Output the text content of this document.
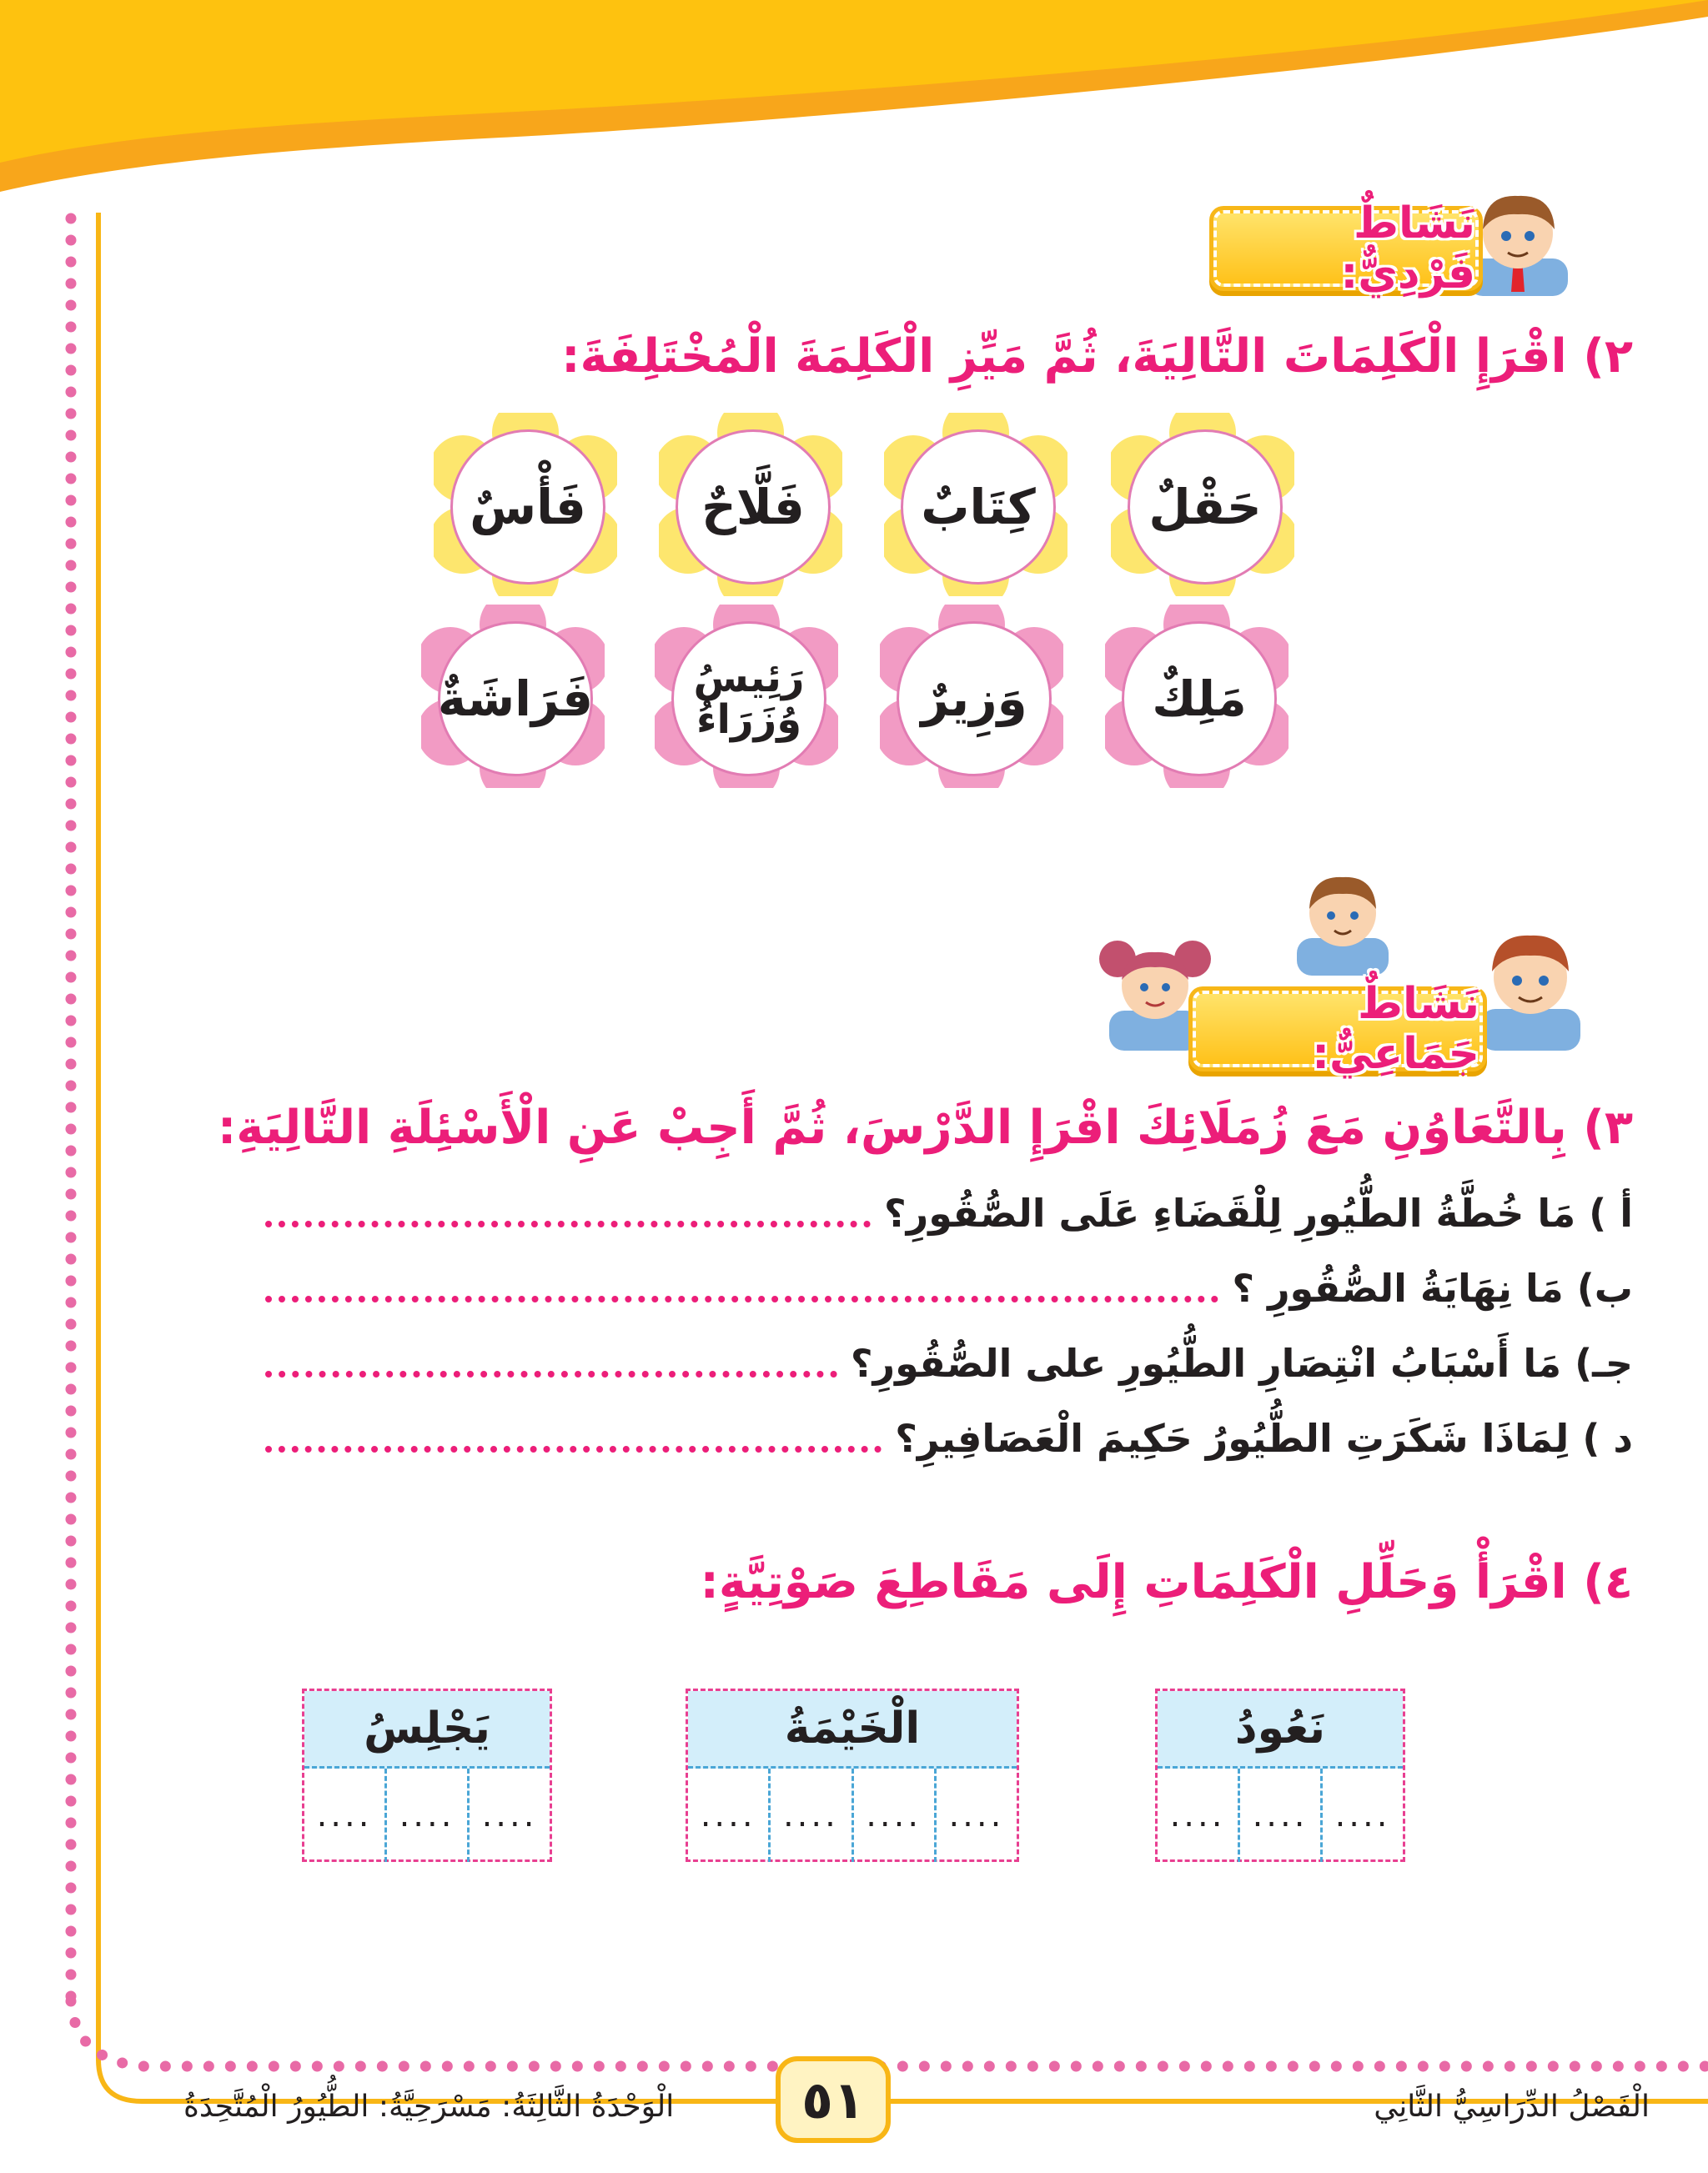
نَشَاطٌ فَرْدِيٌّ:
٢) اقْرَإِ الْكَلِمَاتَ التَّالِيَةَ، ثُمَّ مَيِّزِ الْكَلِمَةَ الْمُخْتَلِفَةَ:
حَقْلٌ
كِتَابٌ
فَلَّاحٌ
فَأْسٌ
مَلِكٌ
وَزِيرٌ
رَئِيسُ
وُزَرَاءُ
فَرَاشَةٌ
نَشَاطٌ جَمَاعِيٌّ:
٣) بِالتَّعَاوُنِ مَعَ زُمَلَائِكَ اقْرَإِ الدَّرْسَ، ثُمَّ أَجِبْ عَنِ الْأَسْئِلَةِ التَّالِيَةِ:
أ ) مَا خُطَّةُ الطُّيُورِ لِلْقَضَاءِ عَلَى الصُّقُورِ؟
ب) مَا نِهَايَةُ الصُّقُورِ ؟
جـ) مَا أَسْبَابُ انْتِصَارِ الطُّيُورِ على الصُّقُورِ؟
د ) لِمَاذَا شَكَرَتِ الطُّيُورُ حَكِيمَ الْعَصَافِيرِ؟
٤) اقْرَأْ وَحَلِّلِ الْكَلِمَاتِ إِلَى مَقَاطِعَ صَوْتِيَّةٍ:
نَعُودُ
....
....
....
الْخَيْمَةُ
....
....
....
....
يَجْلِسُ
....
....
....
الْفَصْلُ الدِّرَاسِيُّ الثَّانِي
٥١
الْوَحْدَةُ الثَّالِثَةُ: مَسْرَحِيَّةُ: الطُّيُورُ الْمُتَّحِدَةُ
